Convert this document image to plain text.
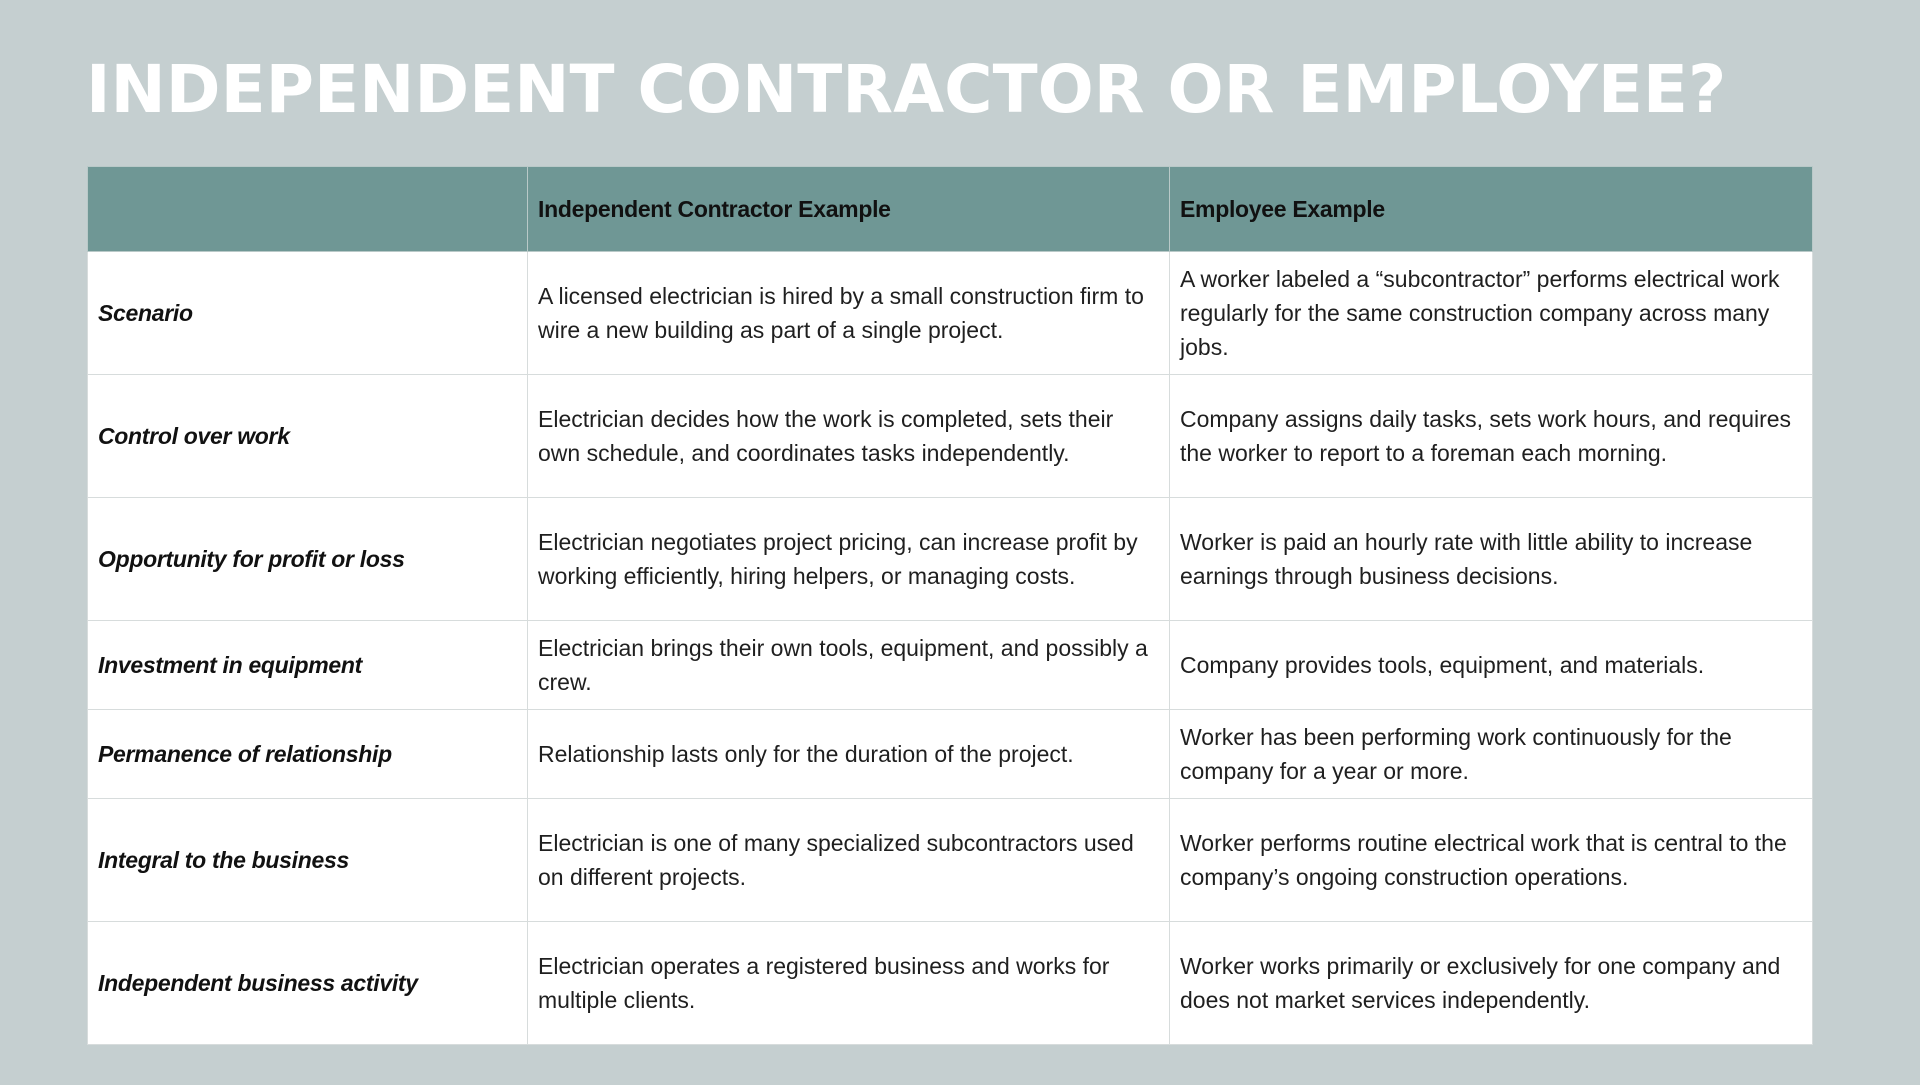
INDEPENDENT CONTRACTOR OR EMPLOYEE?
	Independent Contractor Example	Employee Example
Scenario	A licensed electrician is hired by a small construction firm to wire a new building as part of a single project.	A worker labeled a “subcontractor” performs electrical work regularly for the same construction company across many jobs.
Control over work	Electrician decides how the work is completed, sets their own schedule, and coordinates tasks independently.	Company assigns daily tasks, sets work hours, and requires the worker to report to a foreman each morning.
Opportunity for profit or loss	Electrician negotiates project pricing, can increase profit by working efficiently, hiring helpers, or managing costs.	Worker is paid an hourly rate with little ability to increase earnings through business decisions.
Investment in equipment	Electrician brings their own tools, equipment, and possibly a crew.	Company provides tools, equipment, and materials.
Permanence of relationship	Relationship lasts only for the duration of the project.	Worker has been performing work continuously for the company for a year or more.
Integral to the business	Electrician is one of many specialized subcontractors used on different projects.	Worker performs routine electrical work that is central to the company’s ongoing construction operations.
Independent business activity	Electrician operates a registered business and works for multiple clients.	Worker works primarily or exclusively for one company and does not market services independently.
